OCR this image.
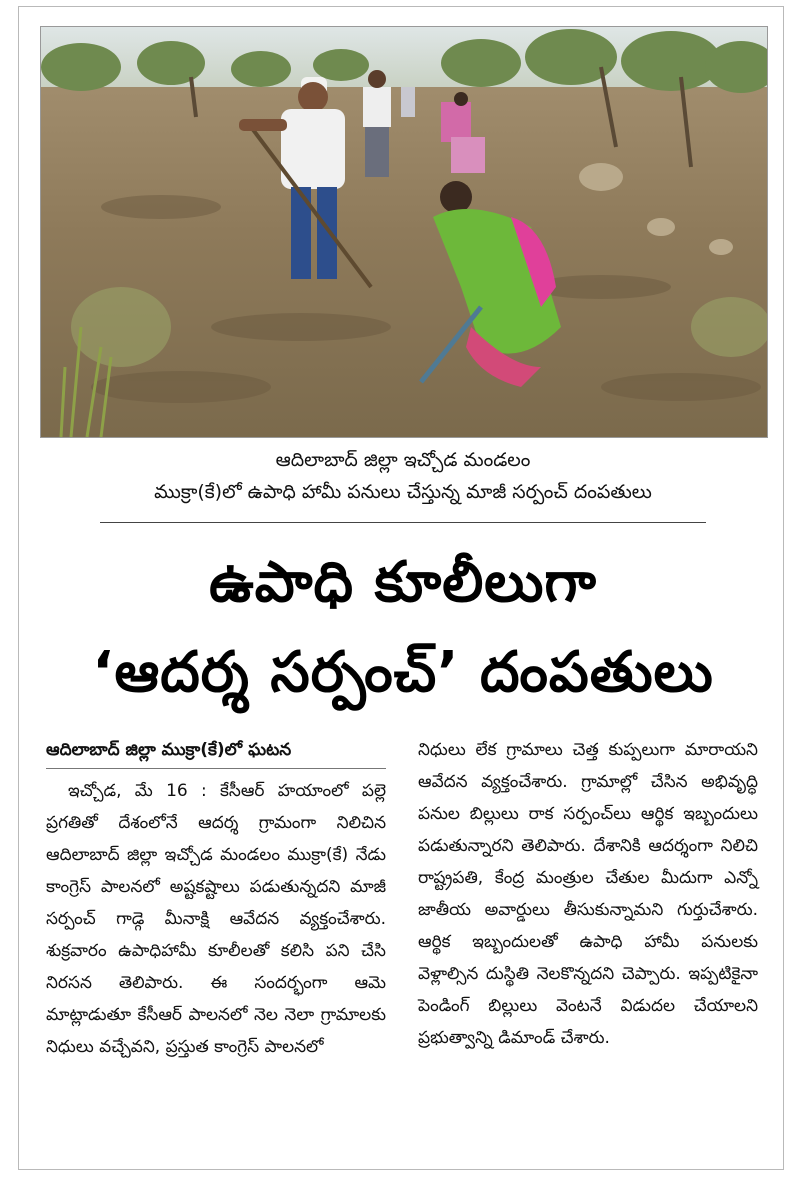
ఆదిలాబాద్ జిల్లా ఇచ్చోడ మండలం
ముక్రా(కే)లో ఉపాధి హామీ పనులు చేస్తున్న మాజీ సర్పంచ్ దంపతులు
ఉపాధి కూలీలుగా
‘ఆదర్శ సర్పంచ్’ దంపతులు
ఆదిలాబాద్ జిల్లా ముక్రా(కే)లో ఘటన

ఇచ్చోడ, మే 16 : కేసీఆర్ హయాంలో పల్లె ప్రగతితో దేశంలోనే ఆదర్శ గ్రామంగా నిలిచిన ఆదిలాబాద్ జిల్లా ఇచ్చోడ మండలం ముక్రా(కే) నేడు కాంగ్రెస్ పాలనలో అష్టకష్టాలు పడుతున్నదని మాజీ సర్పంచ్ గాడ్గె మీనాక్షి ఆవేదన వ్యక్తంచేశారు. శుక్రవారం ఉపాధిహామీ కూలీలతో కలిసి పని చేసి నిరసన తెలిపారు. ఈ సందర్భంగా ఆమె మాట్లాడుతూ కేసీఆర్ పాలనలో నెల నెలా గ్రామాలకు నిధులు వచ్చేవని, ప్రస్తుత కాంగ్రెస్ పాలనలో

నిధులు లేక గ్రామాలు చెత్త కుప్పలుగా మారాయని ఆవేదన వ్యక్తంచేశారు. గ్రామాల్లో చేసిన అభివృద్ధి పనుల బిల్లులు రాక సర్పంచ్‌లు ఆర్థిక ఇబ్బందులు పడుతున్నారని తెలిపారు. దేశానికి ఆదర్శంగా నిలిచి రాష్ట్రపతి, కేంద్ర మంత్రుల చేతుల మీదుగా ఎన్నో జాతీయ అవార్డులు తీసుకున్నామని గుర్తుచేశారు. ఆర్థిక ఇబ్బందులతో ఉపాధి హామీ పనులకు వెళ్లాల్సిన దుస్థితి నెలకొన్నదని చెప్పారు. ఇప్పటికైనా పెండింగ్ బిల్లులు వెంటనే విడుదల చేయాలని ప్రభుత్వాన్ని డిమాండ్ చేశారు.
